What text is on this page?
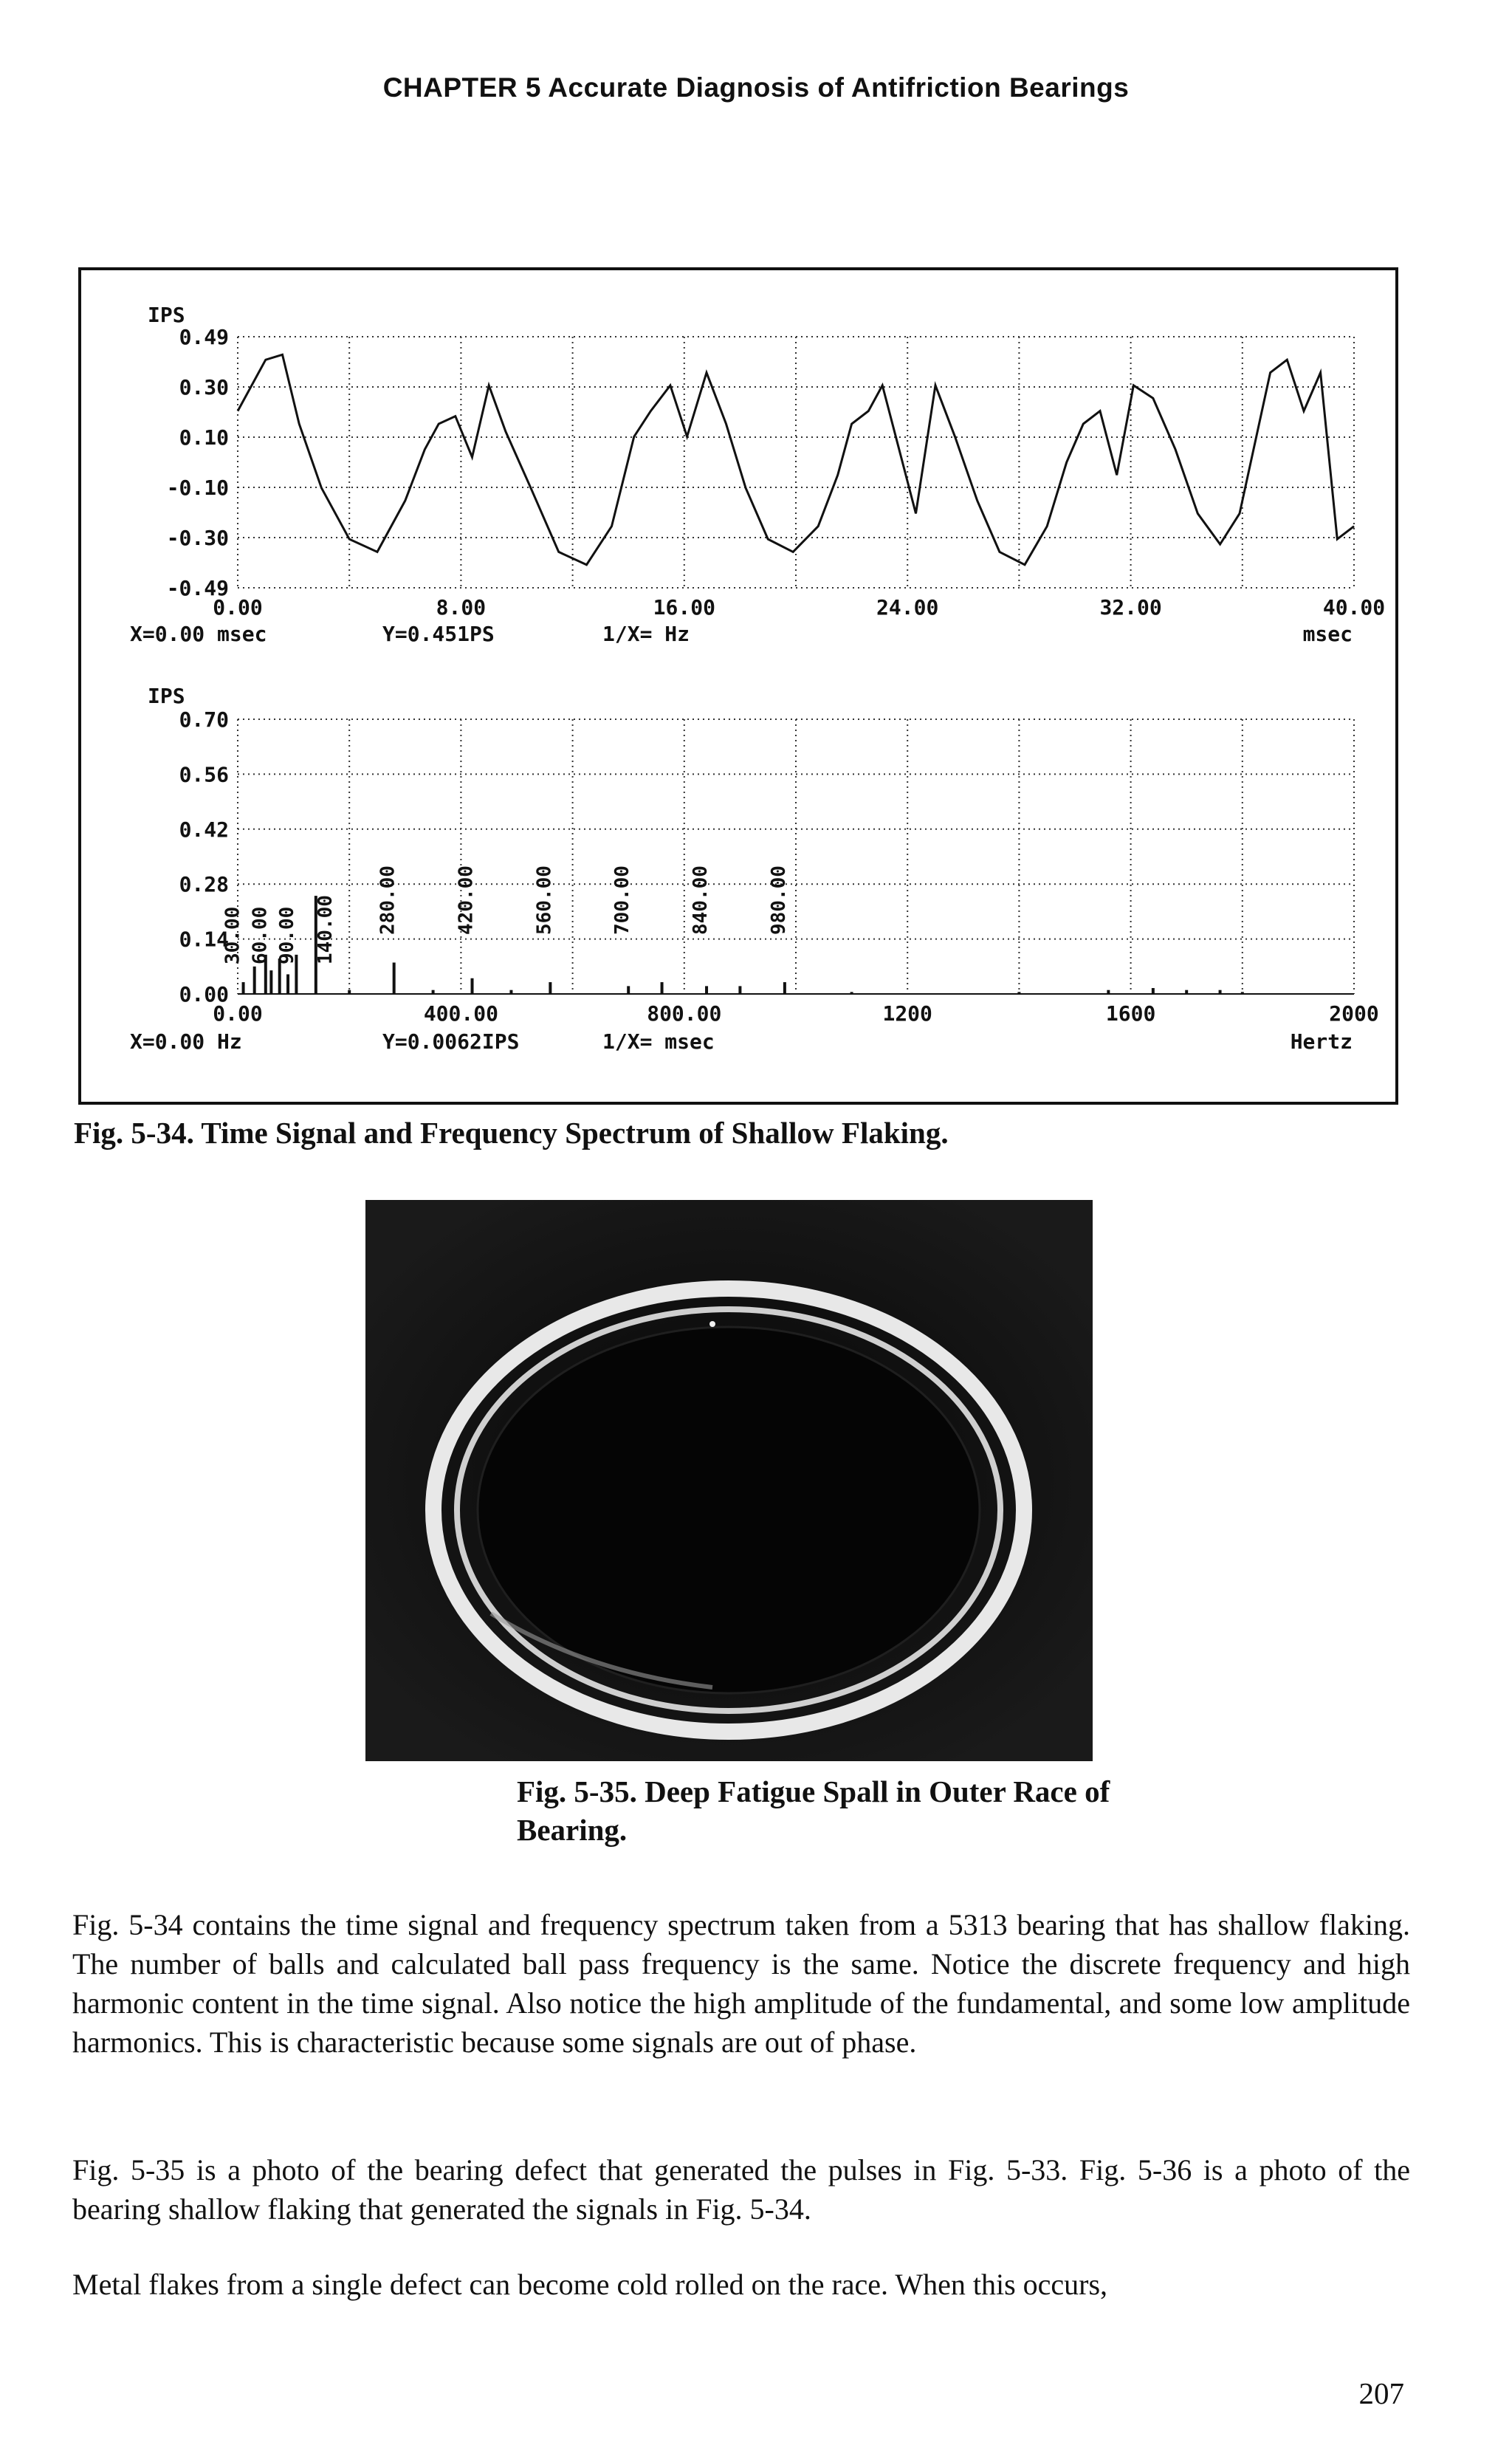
CHAPTER 5 Accurate Diagnosis of Antifriction Bearings
IPS
0.49
0.30
0.10
-0.10
-0.30
-0.49
0.00	8.00	16.00	24.00	32.00	40.00
X=0.00 msec	Y=0.451PS	1/X= Hz	msec
30.00 60.00 90.00 140.00 280.00	420.00	560.00	700.00	840.00	980.00
IPS
0.70
0.56
0.42
0.28
0.14
0.00
0.00	400.00	800.00	1200	1600	2000
X=0.00 Hz	Y=0.0062IPS	1/X= msec	Hertz
Fig. 5-34. Time Signal and Frequency Spectrum of Shallow Flaking.
Fig. 5-35. Deep Fatigue Spall in Outer Race of
Bearing.

Fig. 5-34 contains the time signal and frequency spectrum taken from a 5313 bearing that has shallow flaking. The number of balls and calculated ball pass frequency is the same. Notice the discrete frequency and high harmonic content in the time signal. Also notice the high amplitude of the fundamental, and some low amplitude harmonics. This is characteristic because some signals are out of phase.

Fig. 5-35 is a photo of the bearing defect that generated the pulses in Fig. 5-33. Fig. 5-36 is a photo of the bearing shallow flaking that generated the signals in Fig. 5-34.

Metal flakes from a single defect can become cold rolled on the race. When this occurs,

207
